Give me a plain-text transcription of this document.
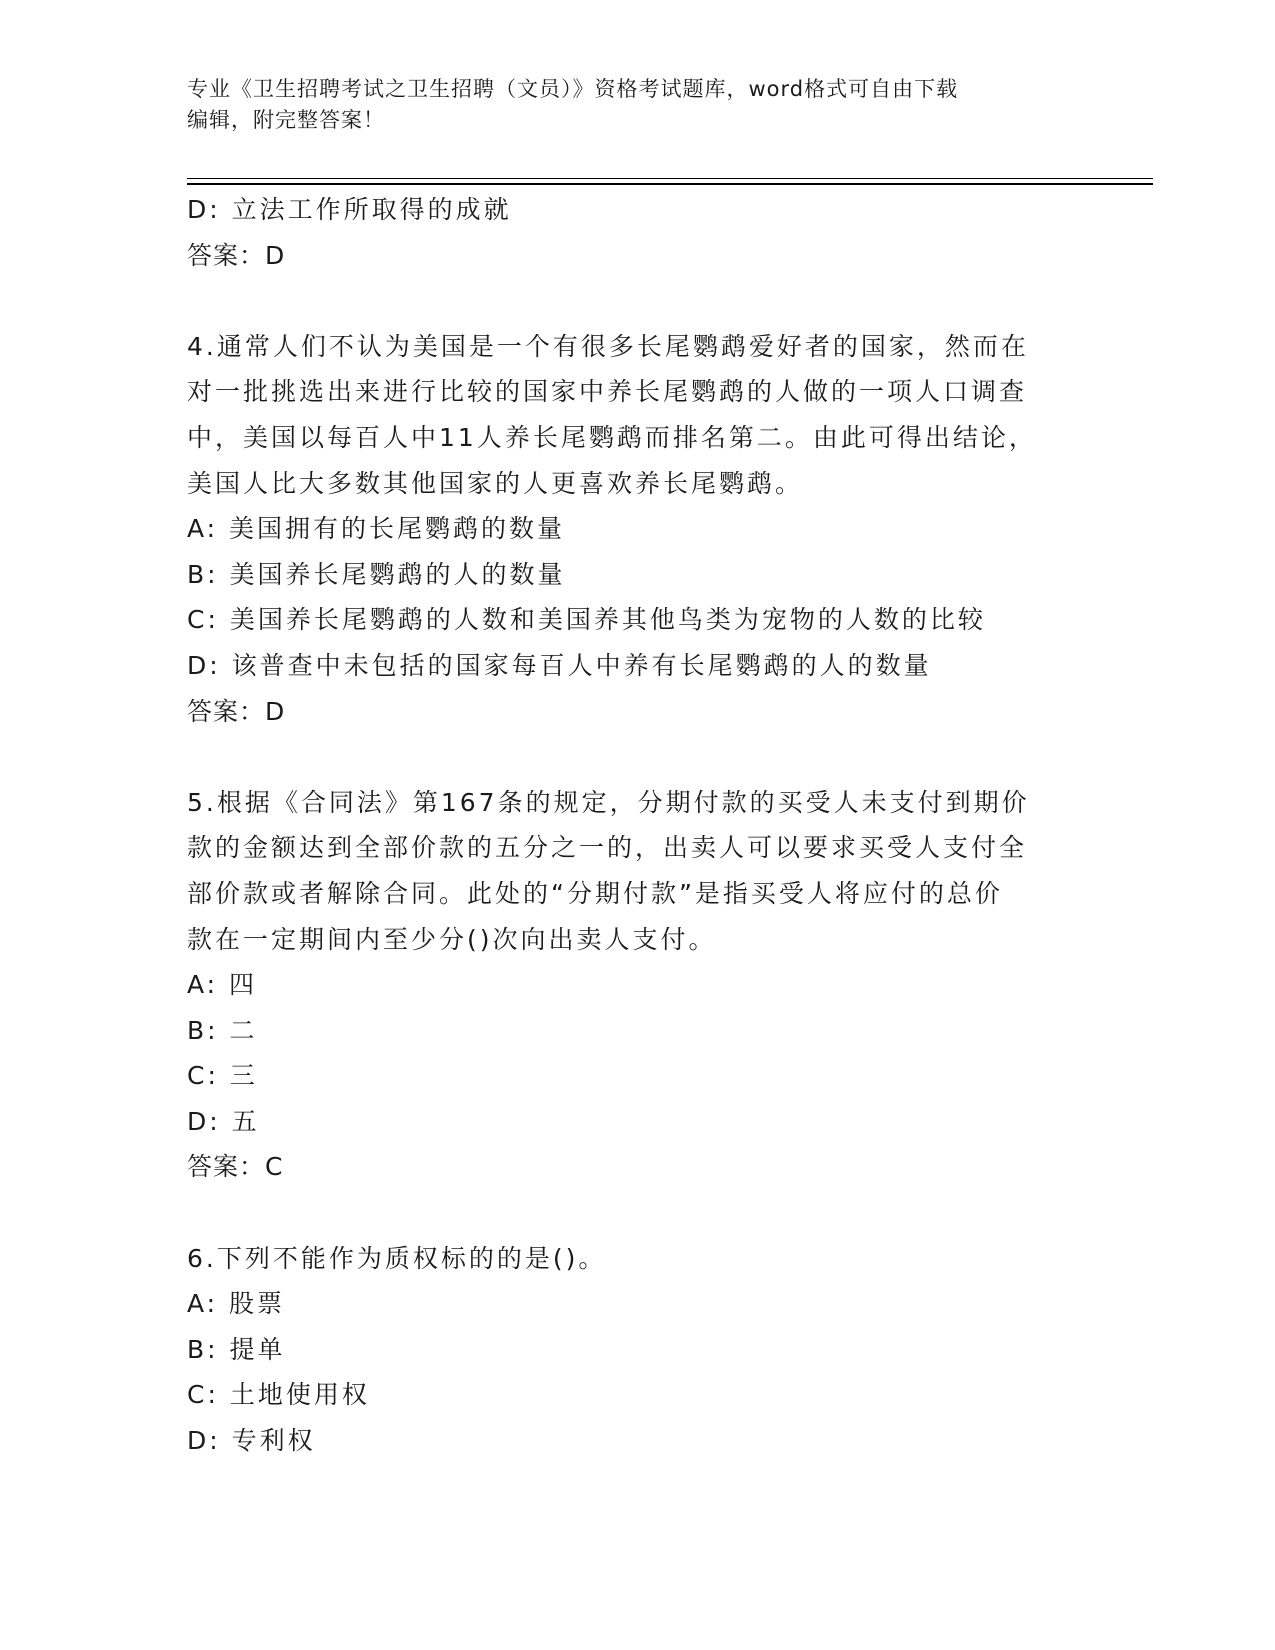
专业《卫生招聘考试之卫生招聘（文员）》资格考试题库，word格式可自由下载
编辑，附完整答案！
D: 立法工作所取得的成就
答案：D
4.通常人们不认为美国是一个有很多长尾鹦鹉爱好者的国家，然而在
对一批挑选出来进行比较的国家中养长尾鹦鹉的人做的一项人口调查
中，美国以每百人中11人养长尾鹦鹉而排名第二。由此可得出结论，
美国人比大多数其他国家的人更喜欢养长尾鹦鹉。
A: 美国拥有的长尾鹦鹉的数量
B: 美国养长尾鹦鹉的人的数量
C: 美国养长尾鹦鹉的人数和美国养其他鸟类为宠物的人数的比较
D: 该普查中未包括的国家每百人中养有长尾鹦鹉的人的数量
答案：D
5.根据《合同法》第167条的规定，分期付款的买受人未支付到期价
款的金额达到全部价款的五分之一的，出卖人可以要求买受人支付全
部价款或者解除合同。此处的“分期付款”是指买受人将应付的总价
款在一定期间内至少分()次向出卖人支付。
A: 四
B: 二
C: 三
D: 五
答案：C
6.下列不能作为质权标的的是()。
A: 股票
B: 提单
C: 土地使用权
D: 专利权
